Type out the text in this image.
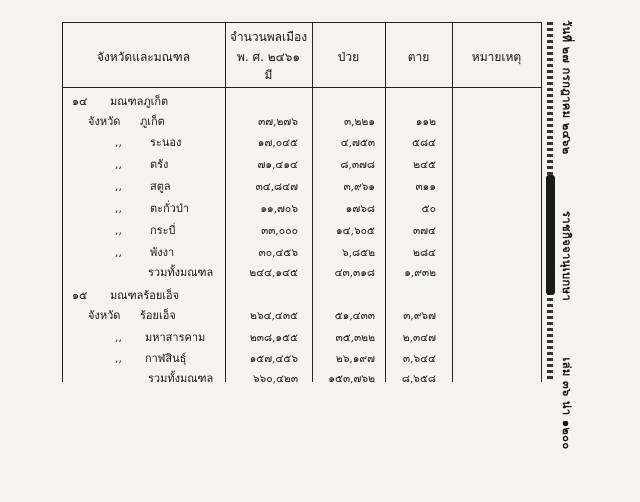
จังหวัดและมณฑล
จำนวนพลเมือง
พ. ศ. ๒๔๖๑
มี
ป่วย	ตาย	หมายเหตุ
๑๔ มณฑลภูเก็ต
จังหวัด ภูเก็ต	๓๗,๒๗๖	๓,๒๒๑	๑๑๒
,,	ระนอง	๑๗,๐๔๕	๔,๗๕๓	๕๘๔
,,	ตรัง	๗๑,๔๑๔	๘,๓๗๘	๒๔๕
,,	สตูล	๓๔,๘๔๗	๓,๙๖๑	๓๑๑
,,	ตะกั่วป่า	๑๑,๗๐๖	๑๗๖๘	๕๐
,,	กระบี่	๓๓,๐๐๐	๑๔,๖๐๕	๓๗๔
,,	พังงา	๓๐,๔๕๖	๖,๘๕๒	๒๘๔
รวมทั้งมณฑล	๒๔๔,๑๔๕	๔๓,๓๑๘	๑,๙๓๒
๑๕ มณฑลร้อยเอ็จ
จังหวัด ร้อยเอ็จ	๒๖๔,๔๓๕	๕๑,๔๓๓	๓,๙๖๗
,, มหาสารคาม	๒๓๘,๑๕๕	๓๕,๓๒๒	๒,๓๔๗
,, กาฬสินธุ์	๑๕๗,๔๕๖	๒๖,๑๙๗	๓,๖๔๔
รวมทั้งมณฑล	๖๖๐,๔๒๓	๑๕๓,๗๖๒	๘,๖๕๘
วันที่ ๒๗ กรกฎาคม ๒๔๖๒ ราชกิจจานุเบกษา เล่ม ๓๖ น่า ๑๒๐๐
